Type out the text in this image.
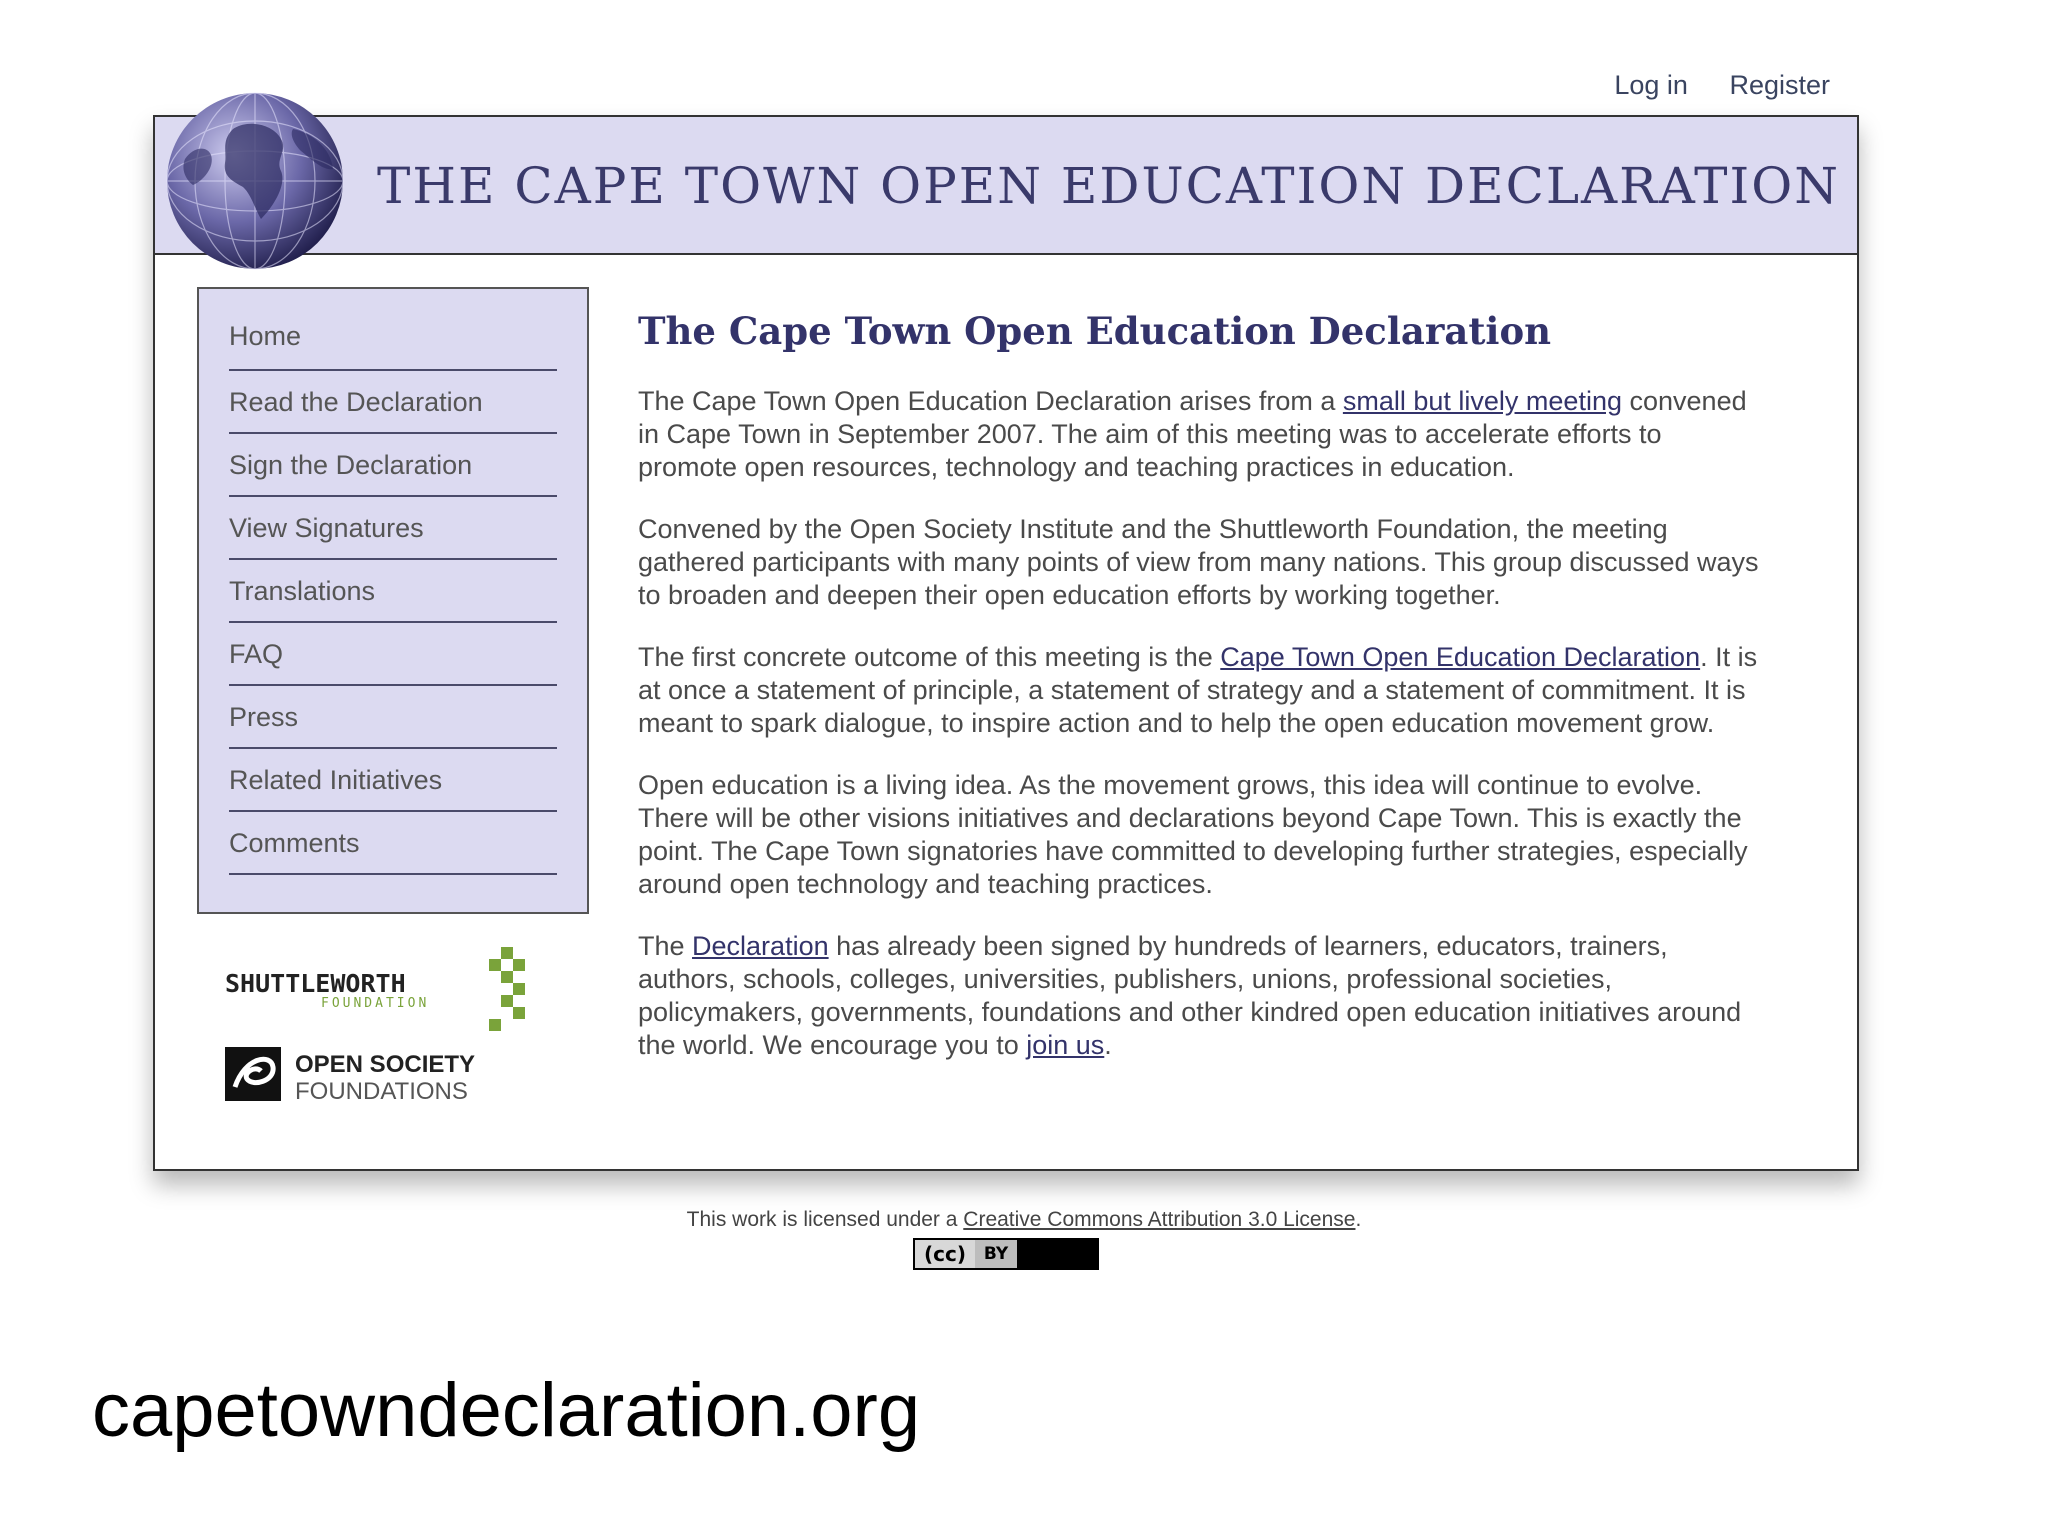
Log in Register
THE CAPE TOWN OPEN EDUCATION DECLARATION
Home
Read the Declaration
Sign the Declaration
View Signatures
Translations
FAQ
Press
Related Initiatives
Comments
SHUTTLEWORTH
FOUNDATION
OPEN SOCIETY
FOUNDATIONS
The Cape Town Open Education Declaration

The Cape Town Open Education Declaration arises from a small but lively meeting convened in Cape Town in September 2007. The aim of this meeting was to accelerate efforts to promote open resources, technology and teaching practices in education.

Convened by the Open Society Institute and the Shuttleworth Foundation, the meeting gathered participants with many points of view from many nations. This group discussed ways to broaden and deepen their open education efforts by working together.

The first concrete outcome of this meeting is the Cape Town Open Education Declaration. It is at once a statement of principle, a statement of strategy and a statement of commitment. It is meant to spark dialogue, to inspire action and to help the open education movement grow.

Open education is a living idea. As the movement grows, this idea will continue to evolve. There will be other visions initiatives and declarations beyond Cape Town. This is exactly the point. The Cape Town signatories have committed to developing further strategies, especially around open technology and teaching practices.

The Declaration has already been signed by hundreds of learners, educators, trainers, authors, schools, colleges, universities, publishers, unions, professional societies, policymakers, governments, foundations and other kindred open education initiatives around the world. We encourage you to join us.

This work is licensed under a Creative Commons Attribution 3.0 License.
(cc)	BY
capetowndeclaration.org
